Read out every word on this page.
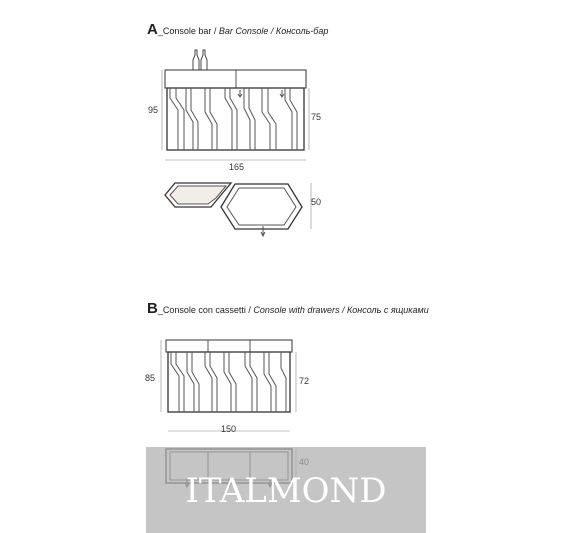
A_Console bar / Bar Console / Консоль-бар
B_Console con cassetti / Console with drawers / Консоль с ящиками
95
75
165
50
85	72
150
ITALMOND
